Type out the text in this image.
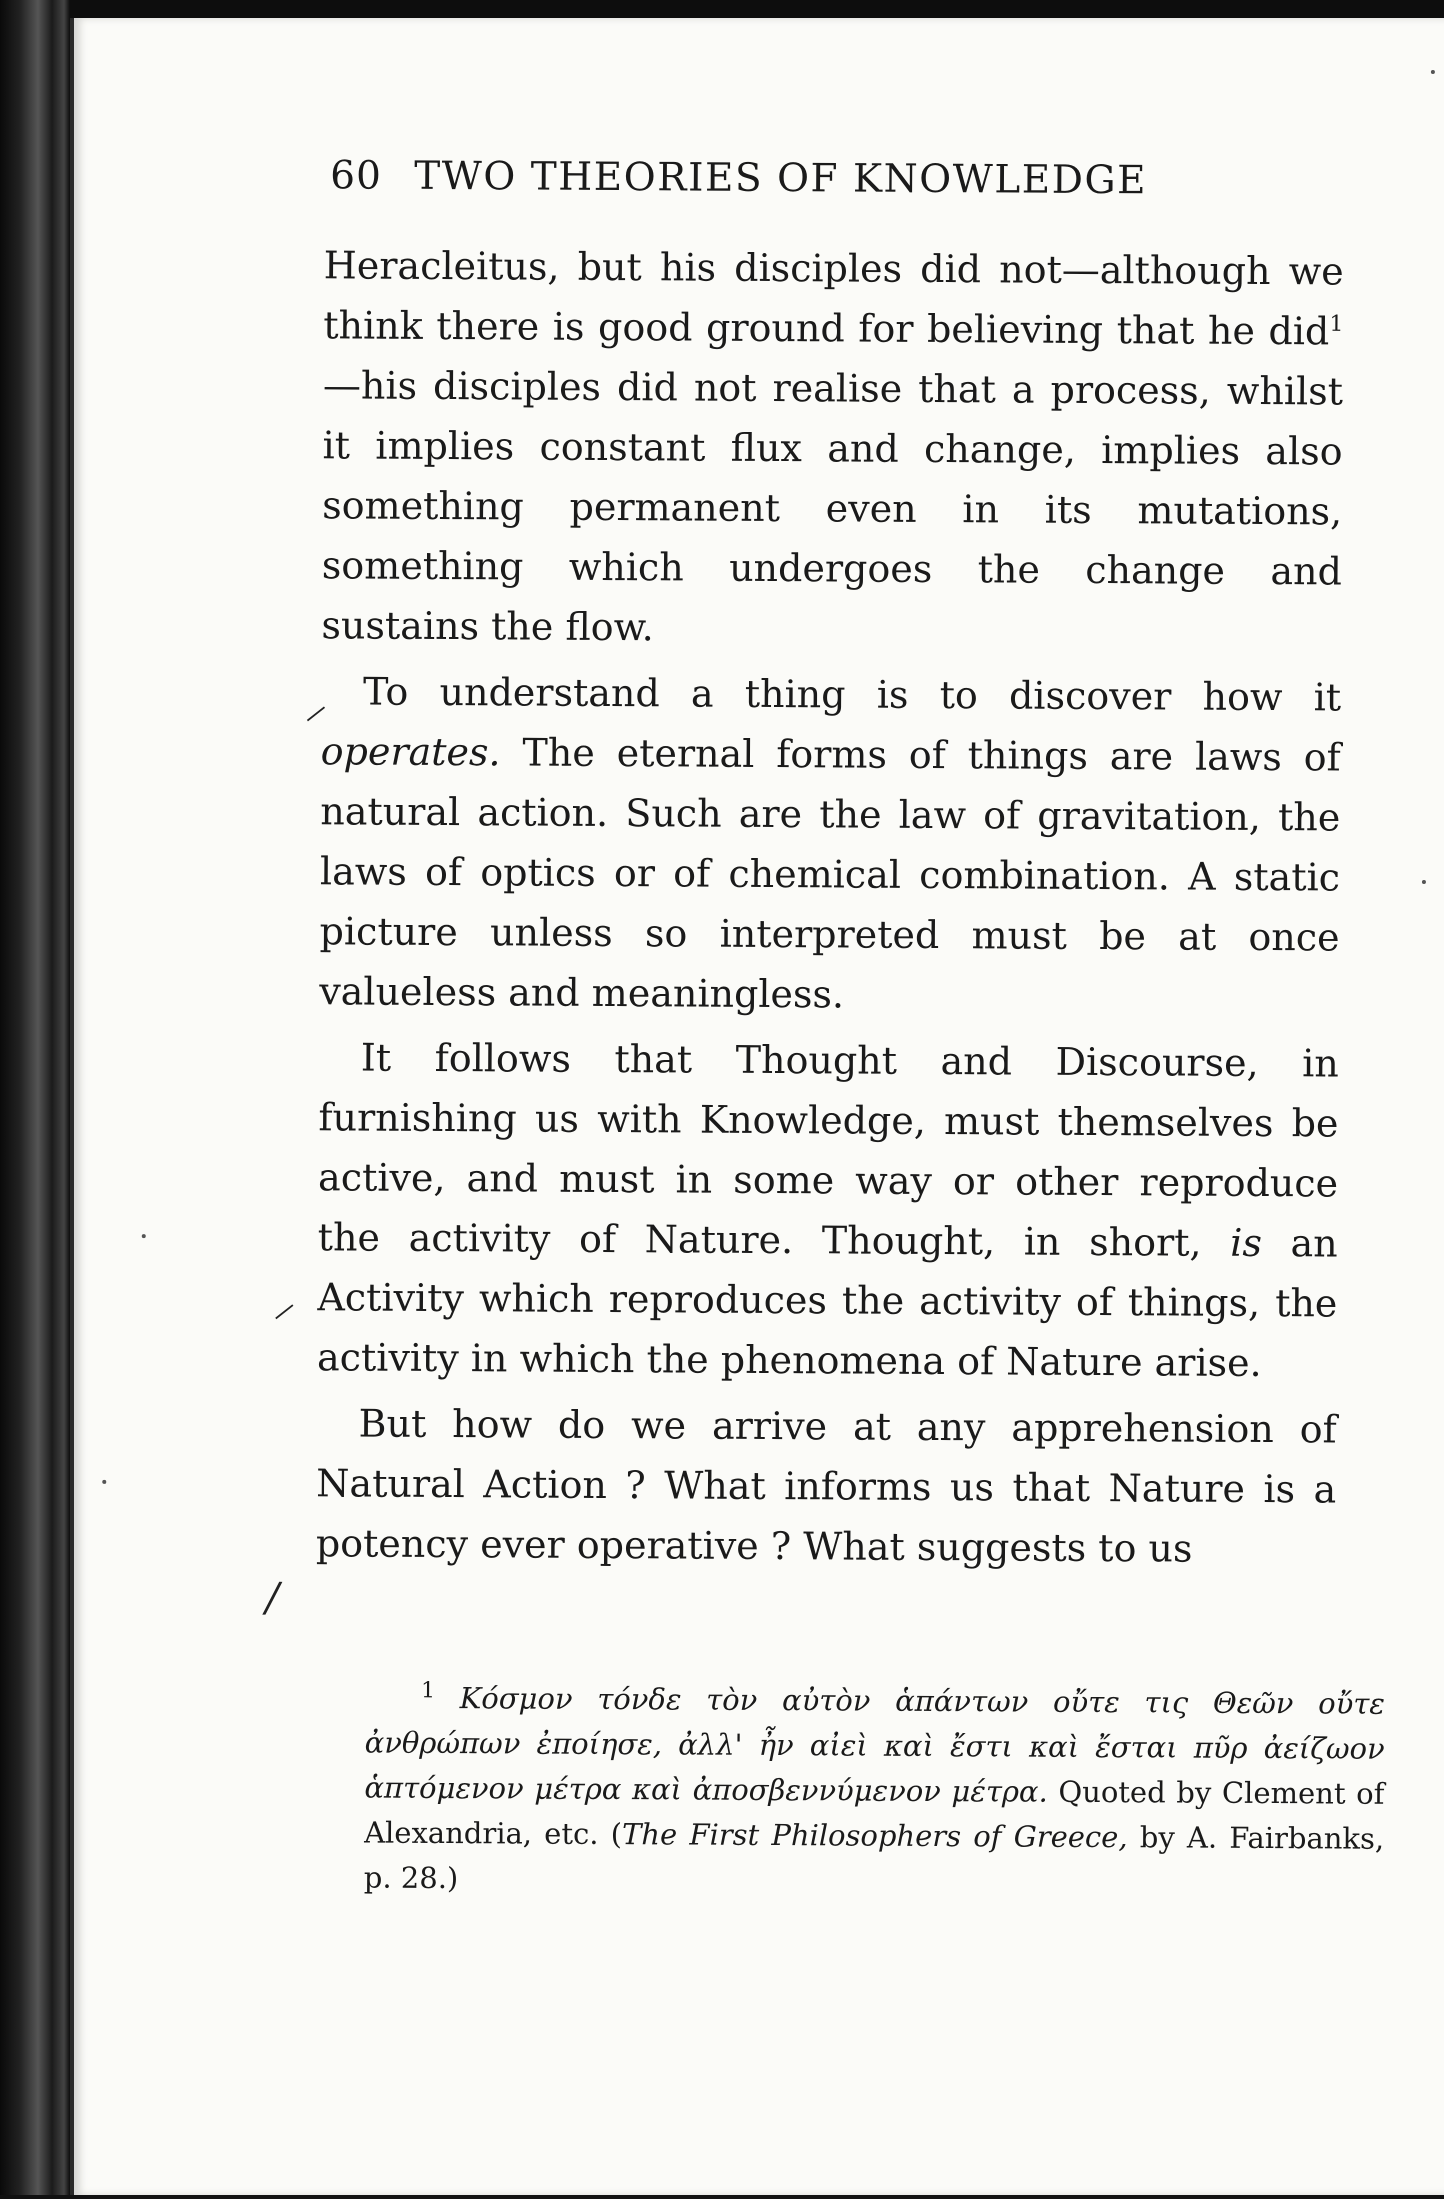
60 TWO THEORIES OF KNOWLEDGE

Heracleitus, but his disciples did not—although we think there is good ground for believing that he did$^1$ —his disciples did not realise that a process, whilst it implies constant flux and change, implies also something permanent even in its mutations, something which undergoes the change and sustains the flow.

To understand a thing is to discover how it operates. The eternal forms of things are laws of natural action. Such are the law of gravitation, the laws of optics or of chemical combination. A static picture unless so interpreted must be at once valueless and meaningless.

It follows that Thought and Discourse, in furnishing us with Knowledge, must themselves be active, and must in some way or other reproduce the activity of Nature. Thought, in short, is an Activity which reproduces the activity of things, the activity in which the phenomena of Nature arise.

But how do we arrive at any apprehension of Natural Action ? What informs us that Nature is a potency ever operative ? What suggests to us

⸝
⸝
/
$^1$ Κόσμον τόνδε τὸν αὐτὸν ἁπάντων οὔτε τις Θεῶν οὔτε ἀνθρώπων ἐποίησε, ἀλλ' ἦν αἰεὶ καὶ ἔστι καὶ ἔσται πῦρ ἀείζωον ἁπτόμενον μέτρα καὶ ἀποσβεννύμενον μέτρα. Quoted by Clement of Alexandria, etc. (The First Philosophers of Greece, by A. Fairbanks, p. 28.)
